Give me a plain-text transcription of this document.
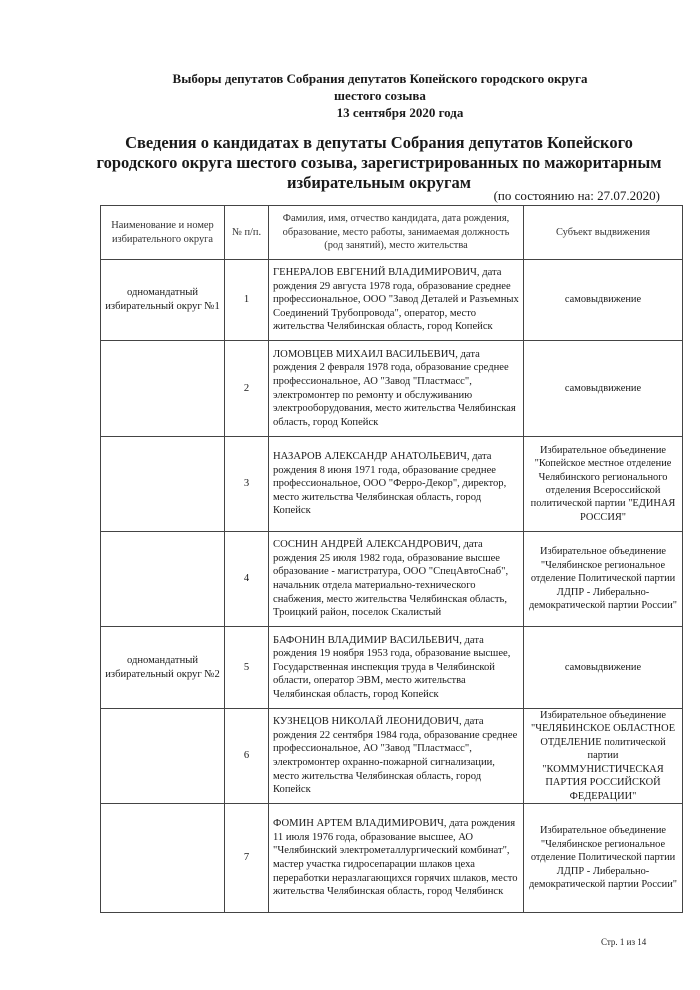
Выборы депутатов Собрания депутатов Копейского городского округа
шестого созыва
13 сентября 2020 года
Сведения о кандидатах в депутаты Собрания депутатов Копейского городского округа шестого созыва, зарегистрированных по мажоритарным избирательным округам
(по состоянию на: 27.07.2020)
Наименование и номер избирательного округа	№ п/п.	Фамилия, имя, отчество кандидата, дата рождения, образование, место работы, занимаемая должность (род занятий), место жительства	Субъект выдвижения
одномандатный избирательный округ №1	1	ГЕНЕРАЛОВ ЕВГЕНИЙ ВЛАДИМИРОВИЧ, дата рождения 29 августа 1978 года, образование среднее профессиональное, ООО "Завод Деталей и Разъемных Соединений Трубопровода", оператор, место жительства Челябинская область, город Копейск	самовыдвижение
	2	ЛОМОВЦЕВ МИХАИЛ ВАСИЛЬЕВИЧ, дата рождения 2 февраля 1978 года, образование среднее профессиональное, АО "Завод "Пластмасс", электромонтер по ремонту и обслуживанию электрооборудования, место жительства Челябинская область, город Копейск	самовыдвижение
	3	НАЗАРОВ АЛЕКСАНДР АНАТОЛЬЕВИЧ, дата рождения 8 июня 1971 года, образование среднее профессиональное, ООО "Ферро-Декор", директор, место жительства Челябинская область, город Копейск	Избирательное объединение "Копейское местное отделение Челябинского регионального отделения Всероссийской политической партии "ЕДИНАЯ РОССИЯ"
	4	СОСНИН АНДРЕЙ АЛЕКСАНДРОВИЧ, дата рождения 25 июля 1982 года, образование высшее образование - магистратура, ООО "СпецАвтоСнаб", начальник отдела материально-технического снабжения, место жительства Челябинская область, Троицкий район, поселок Скалистый	Избирательное объединение "Челябинское региональное отделение Политической партии ЛДПР - Либерально-демократической партии России"
одномандатный избирательный округ №2	5	БАФОНИН ВЛАДИМИР ВАСИЛЬЕВИЧ, дата рождения 19 ноября 1953 года, образование высшее, Государственная инспекция труда в Челябинской области, оператор ЭВМ, место жительства Челябинская область, город Копейск	самовыдвижение
	6	КУЗНЕЦОВ НИКОЛАЙ ЛЕОНИДОВИЧ, дата рождения 22 сентября 1984 года, образование среднее профессиональное, АО "Завод "Пластмасс", электромонтер охранно-пожарной сигнализации, место жительства Челябинская область, город Копейск	Избирательное объединение "ЧЕЛЯБИНСКОЕ ОБЛАСТНОЕ ОТДЕЛЕНИЕ политической партии "КОММУНИСТИЧЕСКАЯ ПАРТИЯ РОССИЙСКОЙ ФЕДЕРАЦИИ"
	7	ФОМИН АРТЕМ ВЛАДИМИРОВИЧ, дата рождения 11 июля 1976 года, образование высшее, АО "Челябинский электрометаллургический комбинат", мастер участка гидросепарации шлаков цеха переработки неразлагающихся горячих шлаков, место жительства Челябинская область, город Челябинск	Избирательное объединение "Челябинское региональное отделение Политической партии ЛДПР - Либерально-демократической партии России"
Стр. 1 из 14
